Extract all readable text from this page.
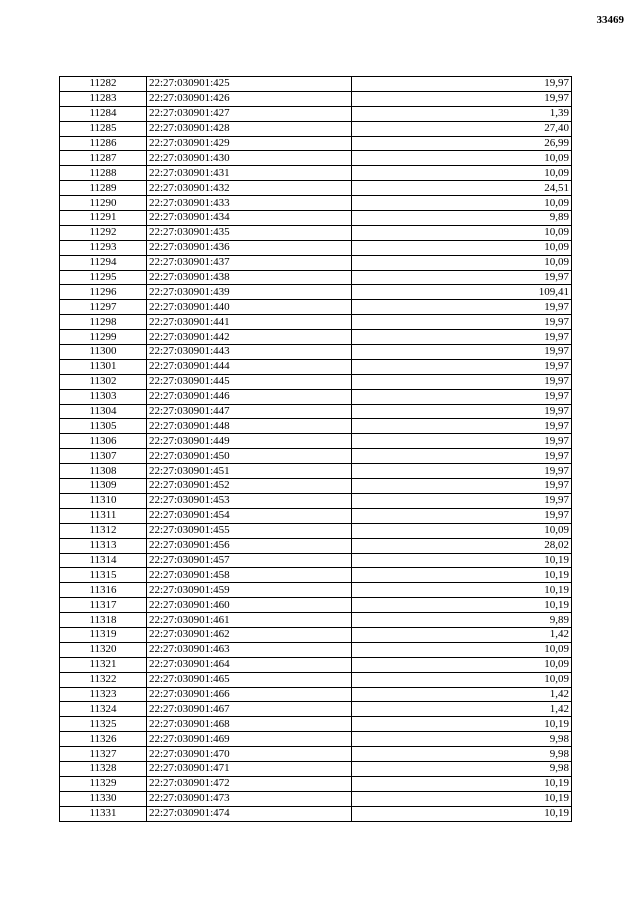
33469
11282	22:27:030901:425	19,97
11283	22:27:030901:426	19,97
11284	22:27:030901:427	1,39
11285	22:27:030901:428	27,40
11286	22:27:030901:429	26,99
11287	22:27:030901:430	10,09
11288	22:27:030901:431	10,09
11289	22:27:030901:432	24,51
11290	22:27:030901:433	10,09
11291	22:27:030901:434	9,89
11292	22:27:030901:435	10,09
11293	22:27:030901:436	10,09
11294	22:27:030901:437	10,09
11295	22:27:030901:438	19,97
11296	22:27:030901:439	109,41
11297	22:27:030901:440	19,97
11298	22:27:030901:441	19,97
11299	22:27:030901:442	19,97
11300	22:27:030901:443	19,97
11301	22:27:030901:444	19,97
11302	22:27:030901:445	19,97
11303	22:27:030901:446	19,97
11304	22:27:030901:447	19,97
11305	22:27:030901:448	19,97
11306	22:27:030901:449	19,97
11307	22:27:030901:450	19,97
11308	22:27:030901:451	19,97
11309	22:27:030901:452	19,97
11310	22:27:030901:453	19,97
11311	22:27:030901:454	19,97
11312	22:27:030901:455	10,09
11313	22:27:030901:456	28,02
11314	22:27:030901:457	10,19
11315	22:27:030901:458	10,19
11316	22:27:030901:459	10,19
11317	22:27:030901:460	10,19
11318	22:27:030901:461	9,89
11319	22:27:030901:462	1,42
11320	22:27:030901:463	10,09
11321	22:27:030901:464	10,09
11322	22:27:030901:465	10,09
11323	22:27:030901:466	1,42
11324	22:27:030901:467	1,42
11325	22:27:030901:468	10,19
11326	22:27:030901:469	9,98
11327	22:27:030901:470	9,98
11328	22:27:030901:471	9,98
11329	22:27:030901:472	10,19
11330	22:27:030901:473	10,19
11331	22:27:030901:474	10,19
